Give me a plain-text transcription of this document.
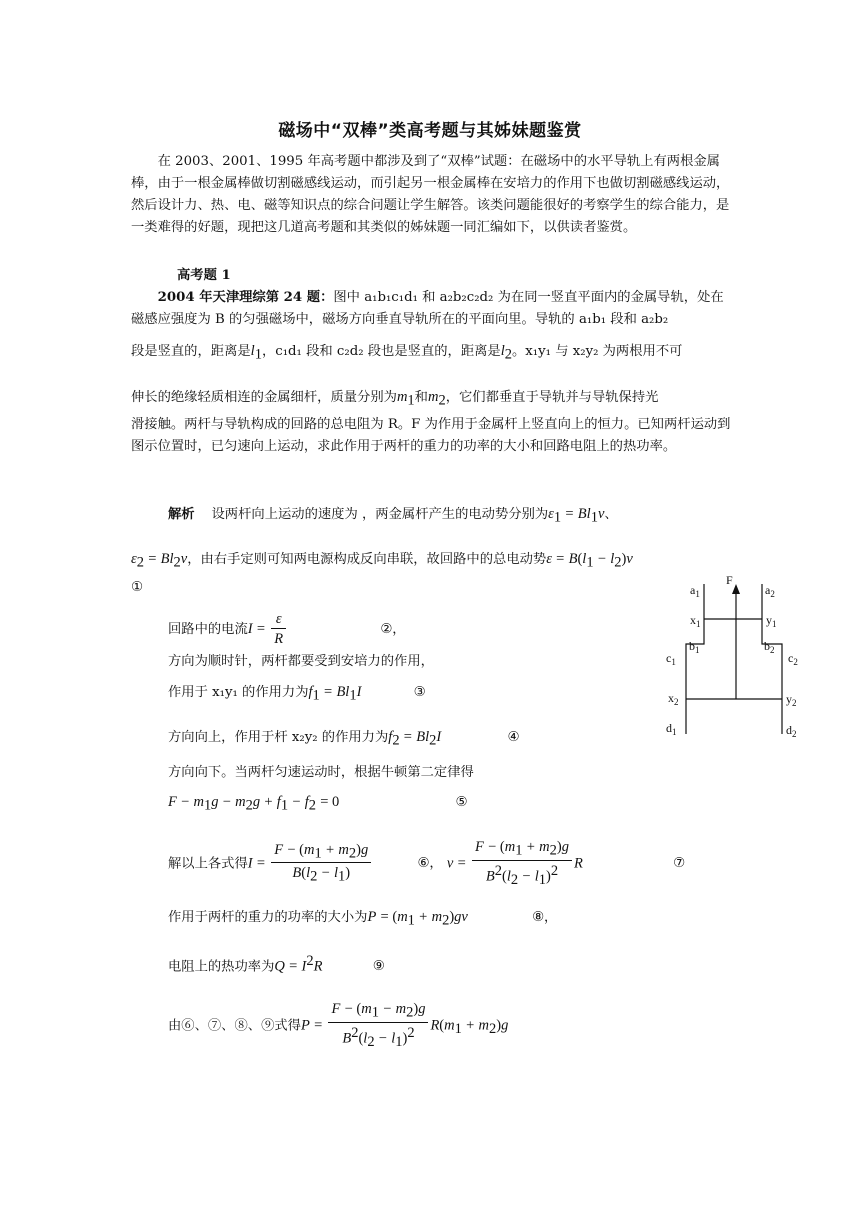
磁场中“双棒”类高考题与其姊妹题鉴赏
在 2003、2001、1995 年高考题中都涉及到了“双棒”试题：在磁场中的水平导轨上有两根金属棒，由于一根金属棒做切割磁感线运动，而引起另一根金属棒在安培力的作用下也做切割磁感线运动，然后设计力、热、电、磁等知识点的综合问题让学生解答。该类问题能很好的考察学生的综合能力，是一类难得的好题，现把这几道高考题和其类似的姊妹题一同汇编如下，以供读者鉴赏。
高考题 1
2004 年天津理综第 24 题：图中 a₁b₁c₁d₁ 和 a₂b₂c₂d₂ 为在同一竖直平面内的金属导轨，处在磁感应强度为 B 的匀强磁场中，磁场方向垂直导轨所在的平面向里。导轨的 a₁b₁ 段和 a₂b₂
段是竖直的，距离是$l_1$，c₁d₁ 段和 c₂d₂ 段也是竖直的，距离是$l_2$。x₁y₁ 与 x₂y₂ 为两根用不可
伸长的绝缘轻质相连的金属细杆，质量分别为$m_1$和$m_2$，它们都垂直于导轨并与导轨保持光
滑接触。两杆与导轨构成的回路的总电阻为 R。F 为作用于金属杆上竖直向上的恒力。已知两杆运动到图示位置时，已匀速向上运动，求此作用于两杆的重力的功率的大小和回路电阻上的热功率。
解析 设两杆向上运动的速度为 ，两金属杆产生的电动势分别为$\varepsilon_1 = Bl_1v$、
$\varepsilon_2 = Bl_2v$，由右手定则可知两电源构成反向串联，故回路中的总电动势$\varepsilon = B(l_1 - l_2)v$
①
回路中的电流$I = \frac{\varepsilon}{R}$	②，
方向为顺时针，两杆都要受到安培力的作用，
作用于 x₁y₁ 的作用力为$f_1 = Bl_1I$	③
方向向上，作用于杆 x₂y₂ 的作用力为$f_2 = Bl_2I$	④
方向向下。当两杆匀速运动时，根据牛顿第二定律得
$F - m_1g - m_2g + f_1 - f_2 = 0$	⑤
解以上各式得$I = \frac{F - (m_1 + m_2)g}{B(l_2 - l_1)}$	⑥， $v = \frac{F - (m_1 + m_2)g}{B^2(l_2 - l_1)^2}$ R	⑦
作用于两杆的重力的功率的大小为$P = (m_1 + m_2)gv$	⑧，
电阻上的热功率为$Q = I^2R$	⑨
由⑥、⑦、⑧、⑨式得$P = \frac{F - (m_1 - m_2)g}{B^2(l_2 - l_1)^2} R(m_1 + m_2)g$
$a_1$
F
$a_2$
$x_1$	$y_1$
$b_1$	$b_2$
$c_1$	$c_2$
$x_2$	$y_2$
$d_1$	$d_2$
